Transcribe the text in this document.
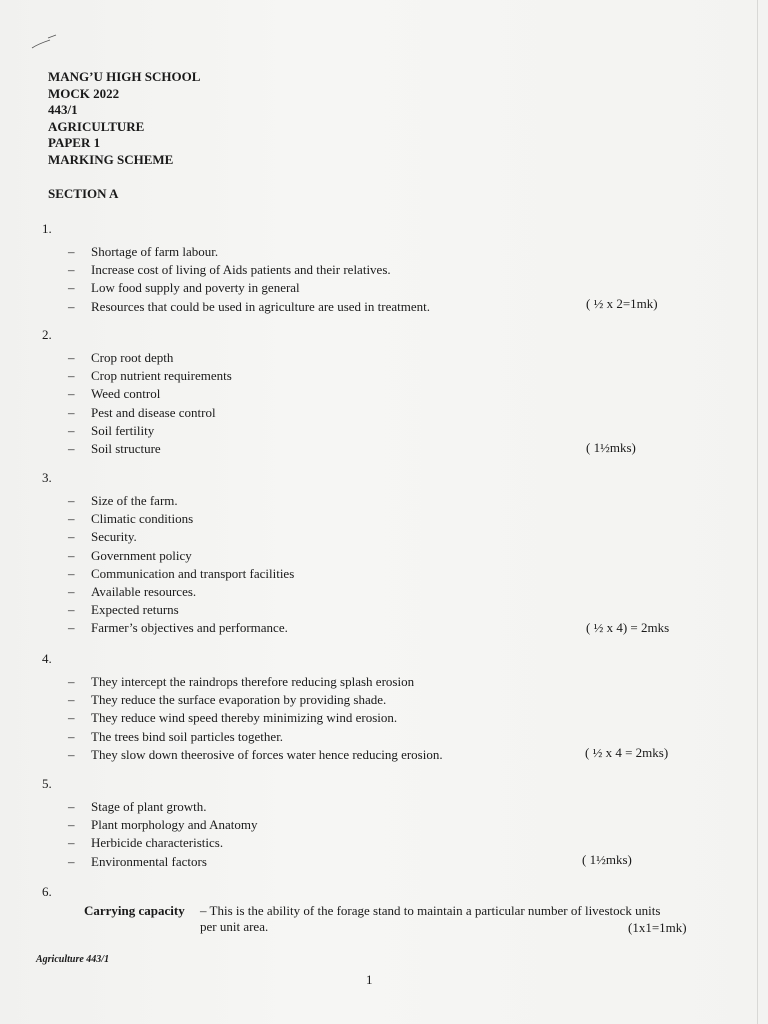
MANG’U HIGH SCHOOL
MOCK 2022
443/1
AGRICULTURE
PAPER 1
MARKING SCHEME
SECTION A
1.
– Shortage of farm labour.
– Increase cost of living of Aids patients and their relatives.
– Low food supply and poverty in general
– Resources that could be used in agriculture are used in treatment.	( ½ x 2=1mk)
2.
– Crop root depth
– Crop nutrient requirements
– Weed control
– Pest and disease control
– Soil fertility
– Soil structure	( 1½mks)
3.
– Size of the farm.
– Climatic conditions
– Security.
– Government policy
– Communication and transport facilities
– Available resources.
– Expected returns
– Farmer’s objectives and performance.	( ½ x 4) = 2mks
4.
– They intercept the raindrops therefore reducing splash erosion
– They reduce the surface evaporation by providing shade.
– They reduce wind speed thereby minimizing wind erosion.
– The trees bind soil particles together.
– They slow down theerosive of forces water hence reducing erosion.	( ½ x 4 = 2mks)
5.
– Stage of plant growth.
– Plant morphology and Anatomy
– Herbicide characteristics.
– Environmental factors	( 1½mks)
6.
Carrying capacity – This is the ability of the forage stand to maintain a particular number of livestock units per unit area.	(1x1=1mk)
Agriculture 443/1
1
